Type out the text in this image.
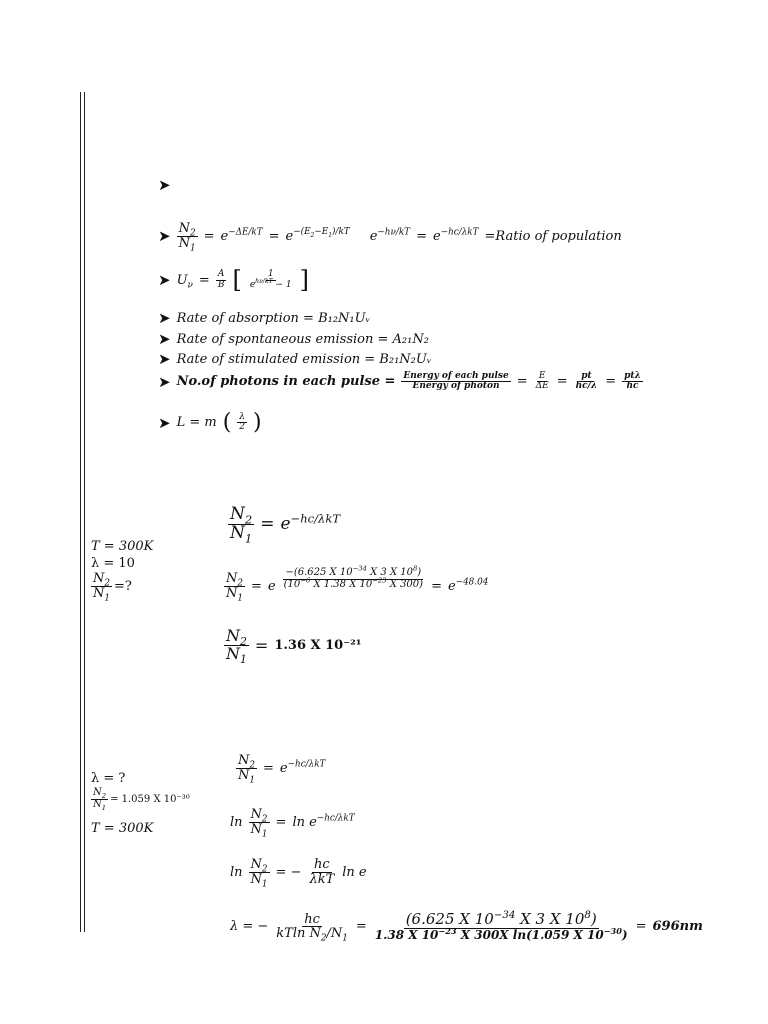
➤
➤ $\frac{N_2}{N_1} = e^{-\Delta E/kT} = e^{-(E_2-E_1)/kT}$ $e^{-h\nu/kT} = e^{-hc/\lambda kT}$ =Ratio of population
➤ $U_\nu = \frac{A}{B}$ [ $\frac{1}{e^{h\nu/kT} - 1}$ ]
➤ Rate of absorption = B₁₂N₁Uᵥ
➤ Rate of spontaneous emission = A₂₁N₂
➤ Rate of stimulated emission = B₂₁N₂Uᵥ
➤ No.of photons in each pulse = $\frac{\text{Energy of each pulse}}{\text{Energy of photon}} = \frac{E}{\Delta E} = \frac{pt}{hc/\lambda} = \frac{\text{ptλ}}{hc}$
➤ L = m ( $\frac{\lambda}{2}$ )
T = 300K
λ = 10
$\frac{N_2}{N_1}$ =?
$\frac{N_2}{N_1} = e^{-hc/\lambda kT}$
$\frac{N_2}{N_1} = e \frac{-(6.625 X 10^{-34} X 3 X 10^8)}{(10^{-6} X 1.38 X 10^{-23} X 300)} = e^{-48.04}$
$\frac{N_2}{N_1} = 1.36$ X 10⁻²¹
λ = ?
$\frac{N_2}{N_1} = 1.059$ X 10⁻³⁰
T = 300K
$\frac{N_2}{N_1} = e^{-hc/\lambda kT}$
$\ln \frac{N_2}{N_1} = \ln e^{-hc/\lambda kT}$
$\ln \frac{N_2}{N_1}$ = − $\frac{hc}{\text{λkT}}$ ln e
λ = − $\frac{hc}{kTln N_2/N_1} = \frac{(6.625 X 10^{-34} X 3 X 10^8)}{1.38 X 10^{-23} X 300X \ln(1.059 X 10^{-30})} = 696nm$
